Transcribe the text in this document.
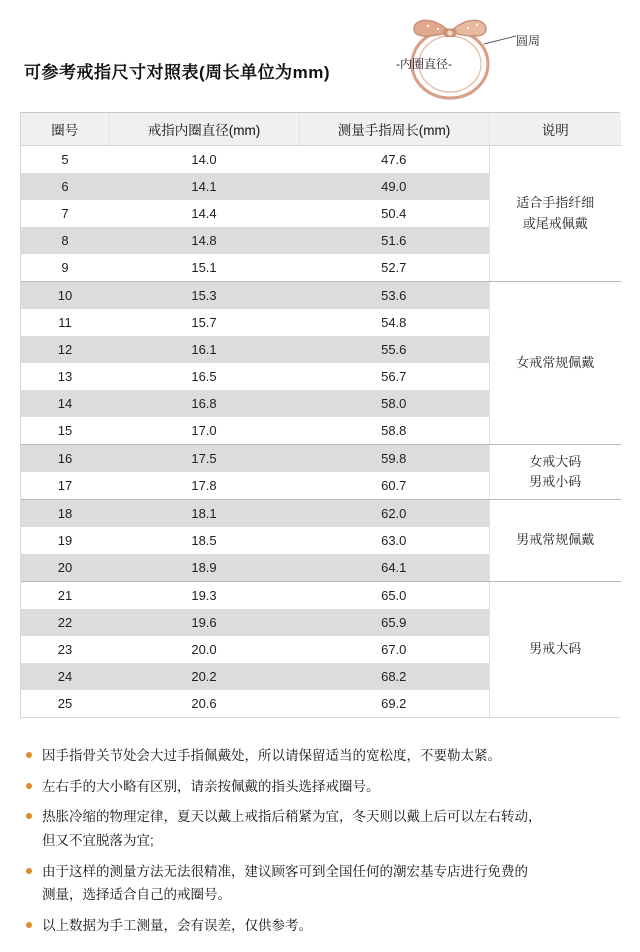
圆周
-内圈直径-
可参考戒指尺寸对照表(周长单位为mm)
圈号	戒指内圈直径(mm)	测量手指周长(mm)	说明
5	14.0	47.6	适合手指纤细
或尾戒佩戴

6	14.1	49.0	
7	14.4	50.4	
8	14.8	51.6	
9	15.1	52.7	
10	15.3	53.6	女戒常规佩戴

11	15.7	54.8	
12	16.1	55.6	
13	16.5	56.7	
14	16.8	58.0	
15	17.0	58.8	
16	17.5	59.8	女戒大码
男戒小码

17	17.8	60.7	
18	18.1	62.0	男戒常规佩戴

19	18.5	63.0	
20	18.9	64.1	
21	19.3	65.0	男戒大码

22	19.6	65.9	
23	20.0	67.0	
24	20.2	68.2	
25	20.6	69.2	
因手指骨关节处会大过手指佩戴处，所以请保留适当的宽松度，不要勒太紧。
左右手的大小略有区别，请亲按佩戴的指头选择戒圈号。
热胀冷缩的物理定律，夏天以戴上戒指后稍紧为宜，冬天则以戴上后可以左右转动，
但又不宜脱落为宜;
由于这样的测量方法无法很精准，建议顾客可到全国任何的潮宏基专店进行免费的
测量，选择适合自己的戒圈号。
以上数据为手工测量，会有误差，仅供参考。
